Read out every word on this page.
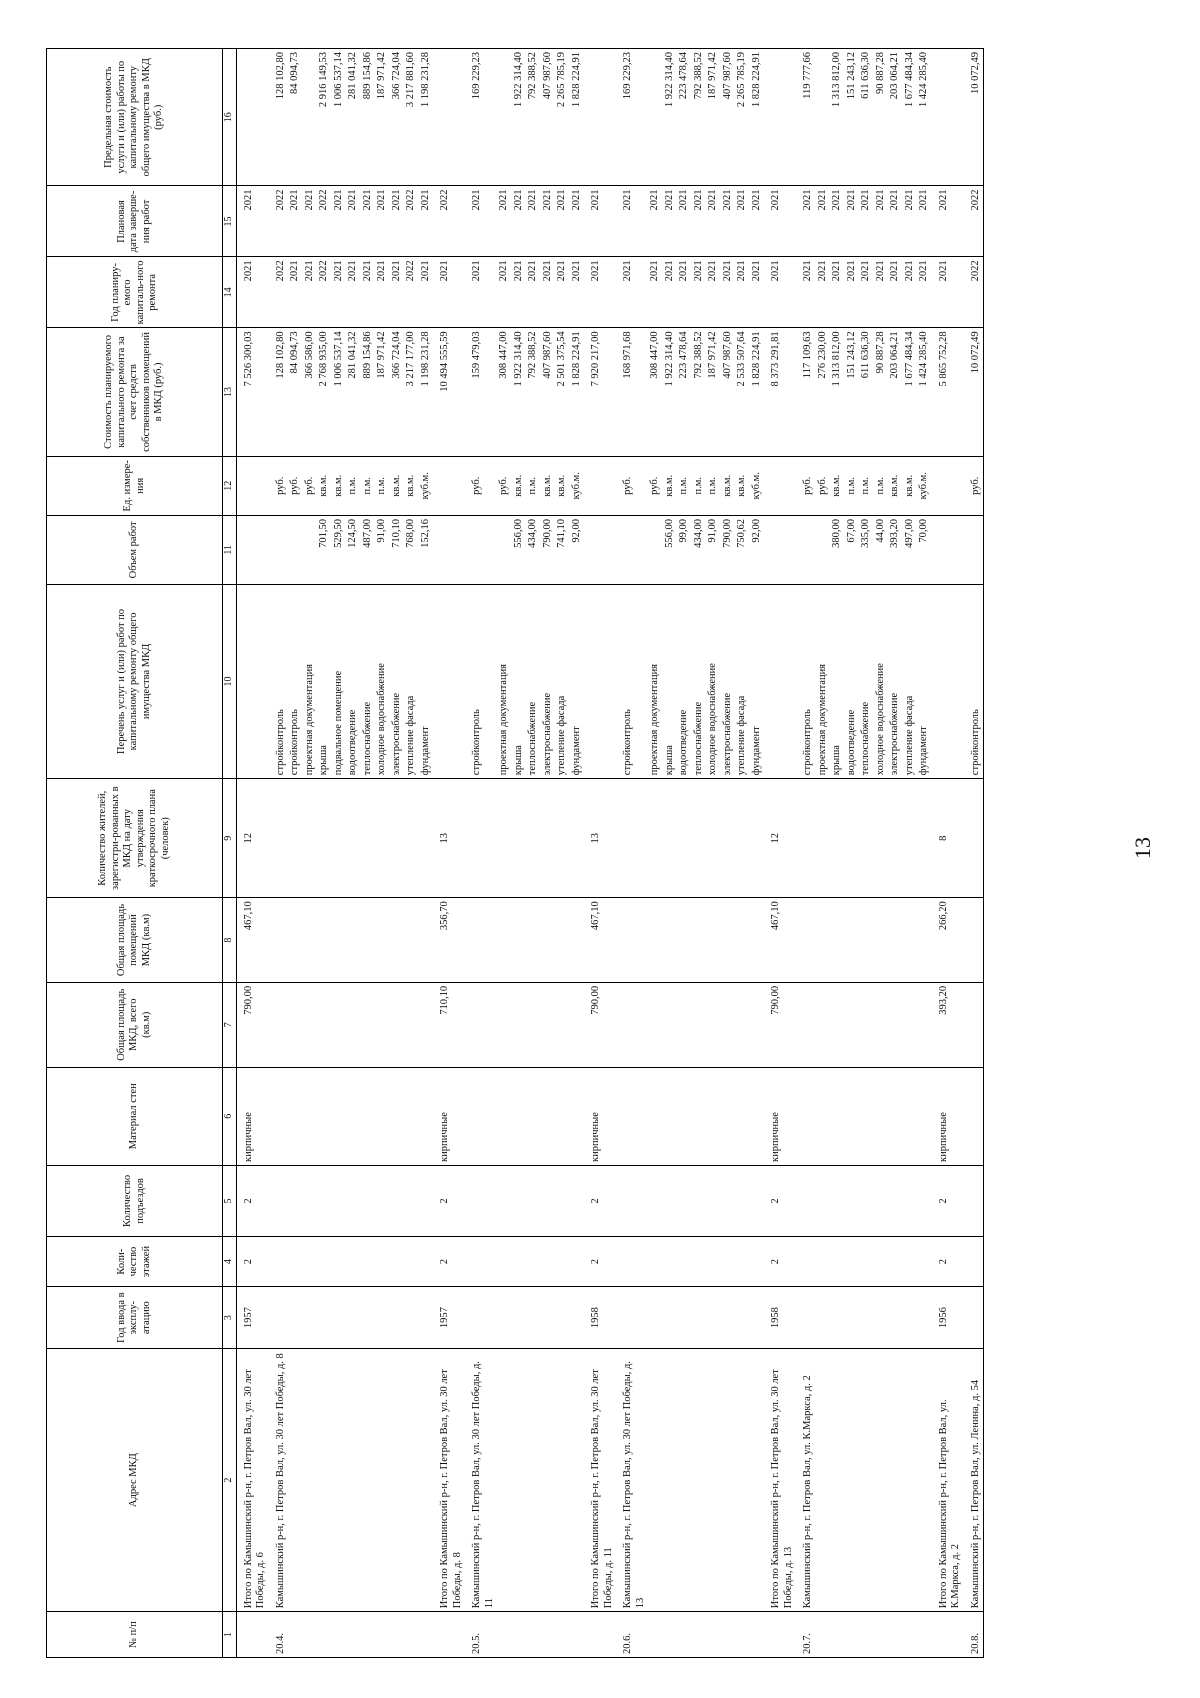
13
№ п/п	Адрес МКД	Год ввода в эксплу-атацию	Коли-чество этажей	Количество подъездов	Материал стен	Общая площадь МКД, всего (кв.м)	Общая площадь помещений МКД (кв.м)	Количество жителей, зарегистри-рованных в МКД на дату утверждения краткосрочного плана (человек)	Перечень услуг и (или) работ по капитальному ремонту общего имущества МКД	Объем работ	Ед. измере-ния	Стоимость планируемого капитального ремонта за счет средств собственников помещений в МКД (руб.)	Год планиру-емого капиталь-ного ремонта	Плановая дата заверше-ния работ	Предельная стоимость услуги и (или) работы по капитальному ремонту общего имущества в МКД (руб.)
1	2	3	4	5	6	7	8	9	10	11	12	13	14	15	16
	Итого по Камышинский р-н, г. Петров Вал, ул. 30 лет Победы, д. 6	1957	2	2	кирпичные	790,00	467,10	12				7 526 300,03	2021	2021	
20.4.	Камышинский р-н, г. Петров Вал, ул. 30 лет Победы, д. 8								стройконтроль		руб.	128 102,80	2022	2022	128 102,80
									стройконтроль		руб.	84 094,73	2021	2021	84 094,73
									проектная документация		руб.	366 586,00	2021	2021	
									крыша	701,50	кв.м.	2 768 935,00	2022	2022	2 916 149,53
									подвальное помещение	529,50	кв.м.	1 006 537,14	2021	2021	1 006 537,14
									водоотведение	124,50	п.м.	281 041,32	2021	2021	281 041,32
									теплоснабжение	487,00	п.м.	889 154,86	2021	2021	889 154,86
									холодное водоснабжение	91,00	п.м.	187 971,42	2021	2021	187 971,42
									электроснабжение	710,10	кв.м.	366 724,04	2021	2021	366 724,04
									утепление фасада	768,00	кв.м.	3 217 177,00	2022	2022	3 217 881,60
									фундамент	152,16	куб.м.	1 198 231,28	2021	2021	1 198 231,28
	Итого по Камышинский р-н, г. Петров Вал, ул. 30 лет Победы, д. 8	1957	2	2	кирпичные	710,10	356,70	13				10 494 555,59	2021	2022	
20.5.	Камышинский р-н, г. Петров Вал, ул. 30 лет Победы, д. 11								стройконтроль		руб.	159 479,03	2021	2021	169 229,23
									проектная документация		руб.	308 447,00	2021	2021	
									крыша	556,00	кв.м.	1 922 314,40	2021	2021	1 922 314,40
									теплоснабжение	434,00	п.м.	792 388,52	2021	2021	792 388,52
									электроснабжение	790,00	кв.м.	407 987,60	2021	2021	407 987,60
									утепление фасада	741,10	кв.м.	2 501 375,54	2021	2021	2 265 785,19
									фундамент	92,00	куб.м.	1 828 224,91	2021	2021	1 828 224,91
	Итого по Камышинский р-н, г. Петров Вал, ул. 30 лет Победы, д. 11	1958	2	2	кирпичные	790,00	467,10	13				7 920 217,00	2021	2021	
20.6.	Камышинский р-н, г. Петров Вал, ул. 30 лет Победы, д. 13								стройконтроль		руб.	168 971,68	2021	2021	169 229,23
									проектная документация		руб.	308 447,00	2021	2021	
									крыша	556,00	кв.м.	1 922 314,40	2021	2021	1 922 314,40
									водоотведение	99,00	п.м.	223 478,64	2021	2021	223 478,64
									теплоснабжение	434,00	п.м.	792 388,52	2021	2021	792 388,52
									холодное водоснабжение	91,00	п.м.	187 971,42	2021	2021	187 971,42
									электроснабжение	790,00	кв.м.	407 987,60	2021	2021	407 987,60
									утепление фасада	750,62	кв.м.	2 533 507,64	2021	2021	2 265 785,19
									фундамент	92,00	куб.м.	1 828 224,91	2021	2021	1 828 224,91
	Итого по Камышинский р-н, г. Петров Вал, ул. 30 лет Победы, д. 13	1958	2	2	кирпичные	790,00	467,10	12				8 373 291,81	2021	2021	
20.7.	Камышинский р-н, г. Петров Вал, ул. К.Маркса, д. 2								стройконтроль		руб.	117 109,63	2021	2021	119 777,66
									проектная документация		руб.	276 230,00	2021	2021	
									крыша	380,00	кв.м.	1 313 812,00	2021	2021	1 313 812,00
									водоотведение	67,00	п.м.	151 243,12	2021	2021	151 243,12
									теплоснабжение	335,00	п.м.	611 636,30	2021	2021	611 636,30
									холодное водоснабжение	44,00	п.м.	90 887,28	2021	2021	90 887,28
									электроснабжение	393,20	кв.м.	203 064,21	2021	2021	203 064,21
									утепление фасада	497,00	кв.м.	1 677 484,34	2021	2021	1 677 484,34
									фундамент	70,00	куб.м.	1 424 285,40	2021	2021	1 424 285,40
	Итого по Камышинский р-н, г. Петров Вал, ул. К.Маркса, д. 2	1956	2	2	кирпичные	393,20	266,20	8				5 865 752,28	2021	2021	
20.8.	Камышинский р-н, г. Петров Вал, ул. Ленина, д. 54								стройконтроль		руб.	10 072,49	2022	2022	10 072,49
